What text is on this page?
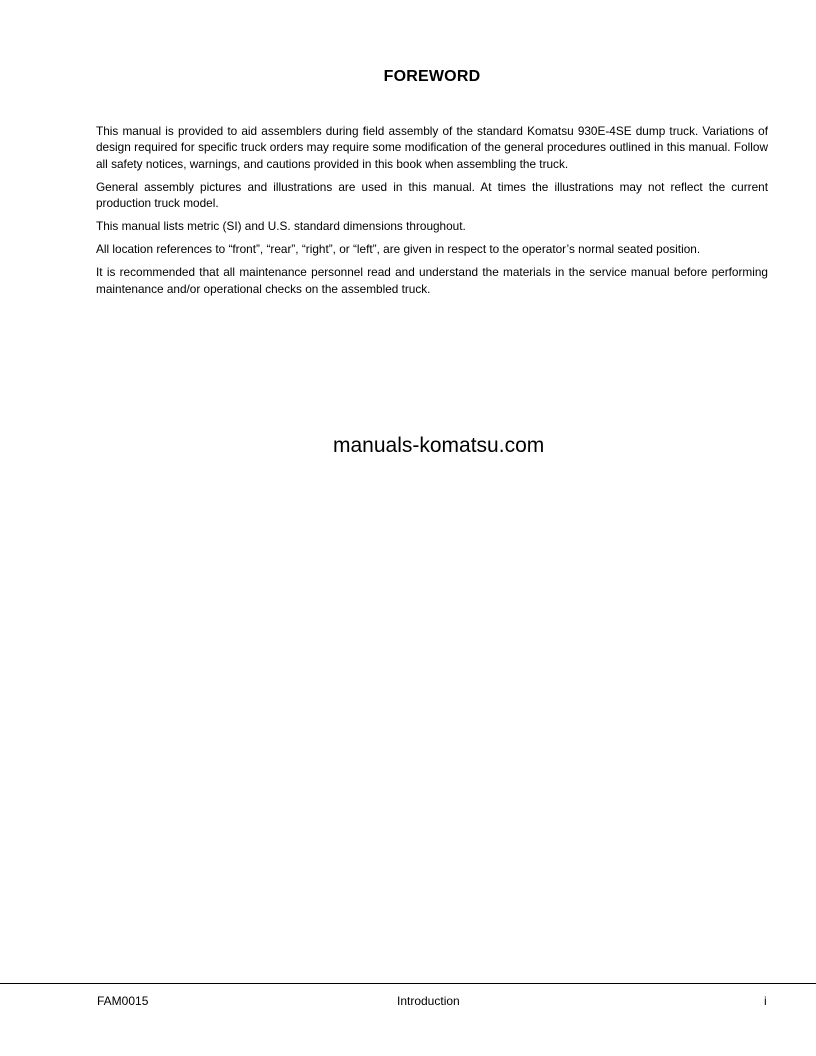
FOREWORD

This manual is provided to aid assemblers during field assembly of the standard Komatsu 930E-4SE dump truck. Variations of design required for specific truck orders may require some modification of the general procedures outlined in this manual. Follow all safety notices, warnings, and cautions provided in this book when assembling the truck.

General assembly pictures and illustrations are used in this manual. At times the illustrations may not reflect the current production truck model.

This manual lists metric (SI) and U.S. standard dimensions throughout.

All location references to “front”, “rear”, “right”, or “left”, are given in respect to the operator’s normal seated position.

It is recommended that all maintenance personnel read and understand the materials in the service manual before performing maintenance and/or operational checks on the assembled truck.

manuals-komatsu.com
FAM0015	Introduction	i
